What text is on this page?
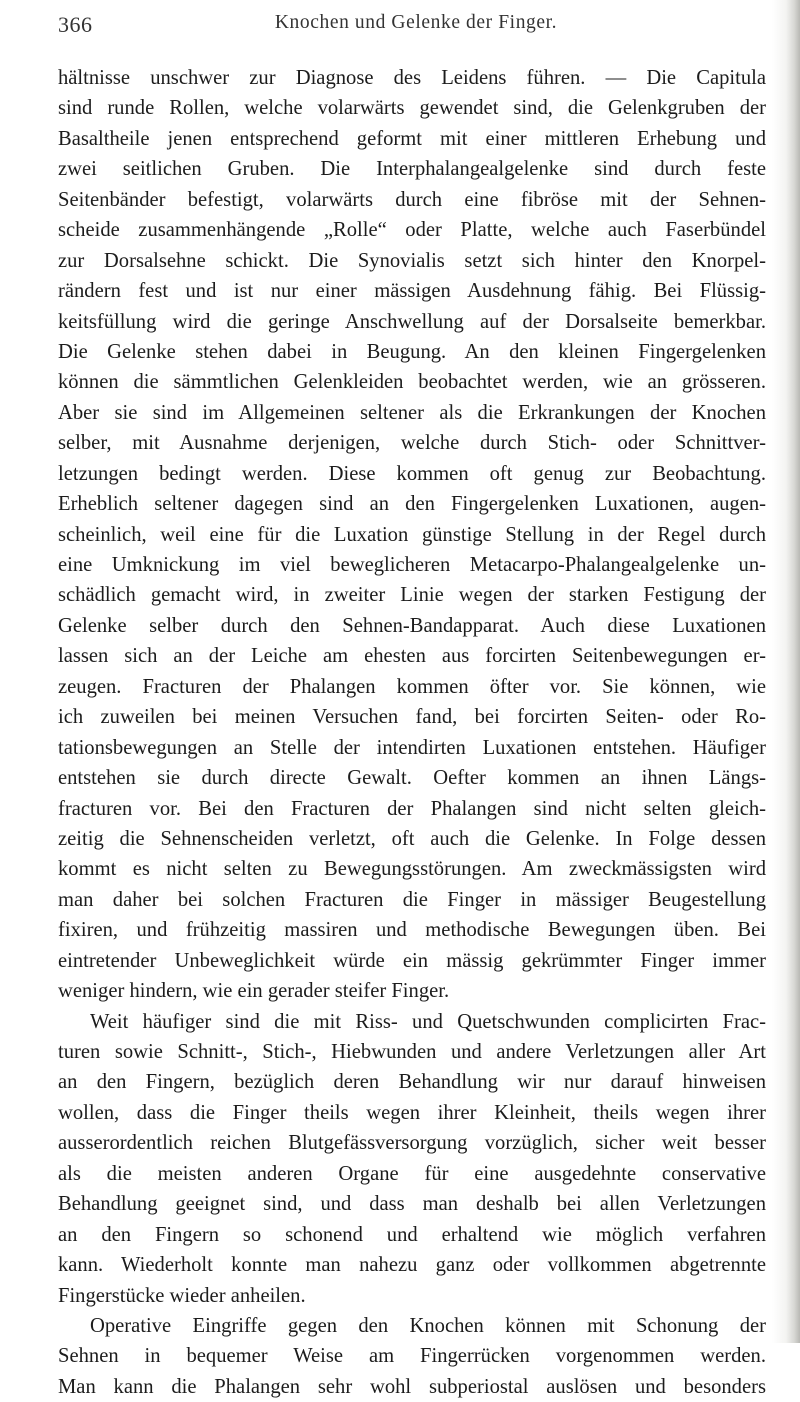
366	Knochen und Gelenke der Finger.
hältnisse unschwer zur Diagnose des Leidens führen. — Die Capitula
sind runde Rollen, welche volarwärts gewendet sind, die Gelenkgruben der
Basaltheile jenen entsprechend geformt mit einer mittleren Erhebung und
zwei seitlichen Gruben. Die Interphalangealgelenke sind durch feste
Seitenbänder befestigt, volarwärts durch eine fibröse mit der Sehnen-
scheide zusammenhängende „Rolle“ oder Platte, welche auch Faserbündel
zur Dorsalsehne schickt. Die Synovialis setzt sich hinter den Knorpel-
rändern fest und ist nur einer mässigen Ausdehnung fähig. Bei Flüssig-
keitsfüllung wird die geringe Anschwellung auf der Dorsalseite bemerkbar.
Die Gelenke stehen dabei in Beugung. An den kleinen Fingergelenken
können die sämmtlichen Gelenkleiden beobachtet werden, wie an grösseren.
Aber sie sind im Allgemeinen seltener als die Erkrankungen der Knochen
selber, mit Ausnahme derjenigen, welche durch Stich- oder Schnittver-
letzungen bedingt werden. Diese kommen oft genug zur Beobachtung.
Erheblich seltener dagegen sind an den Fingergelenken Luxationen, augen-
scheinlich, weil eine für die Luxation günstige Stellung in der Regel durch
eine Umknickung im viel beweglicheren Metacarpo-Phalangealgelenke un-
schädlich gemacht wird, in zweiter Linie wegen der starken Festigung der
Gelenke selber durch den Sehnen-Bandapparat. Auch diese Luxationen
lassen sich an der Leiche am ehesten aus forcirten Seitenbewegungen er-
zeugen. Fracturen der Phalangen kommen öfter vor. Sie können, wie
ich zuweilen bei meinen Versuchen fand, bei forcirten Seiten- oder Ro-
tationsbewegungen an Stelle der intendirten Luxationen entstehen. Häufiger
entstehen sie durch directe Gewalt. Oefter kommen an ihnen Längs-
fracturen vor. Bei den Fracturen der Phalangen sind nicht selten gleich-
zeitig die Sehnenscheiden verletzt, oft auch die Gelenke. In Folge dessen
kommt es nicht selten zu Bewegungsstörungen. Am zweckmässigsten wird
man daher bei solchen Fracturen die Finger in mässiger Beugestellung
fixiren, und frühzeitig massiren und methodische Bewegungen üben. Bei
eintretender Unbeweglichkeit würde ein mässig gekrümmter Finger immer
weniger hindern, wie ein gerader steifer Finger.
Weit häufiger sind die mit Riss- und Quetschwunden complicirten Frac-
turen sowie Schnitt-, Stich-, Hiebwunden und andere Verletzungen aller Art
an den Fingern, bezüglich deren Behandlung wir nur darauf hinweisen
wollen, dass die Finger theils wegen ihrer Kleinheit, theils wegen ihrer
ausserordentlich reichen Blutgefässversorgung vorzüglich, sicher weit besser
als die meisten anderen Organe für eine ausgedehnte conservative
Behandlung geeignet sind, und dass man deshalb bei allen Verletzungen
an den Fingern so schonend und erhaltend wie möglich verfahren
kann. Wiederholt konnte man nahezu ganz oder vollkommen abgetrennte
Fingerstücke wieder anheilen.
Operative Eingriffe gegen den Knochen können mit Schonung der
Sehnen in bequemer Weise am Fingerrücken vorgenommen werden.
Man kann die Phalangen sehr wohl subperiostal auslösen und besonders
